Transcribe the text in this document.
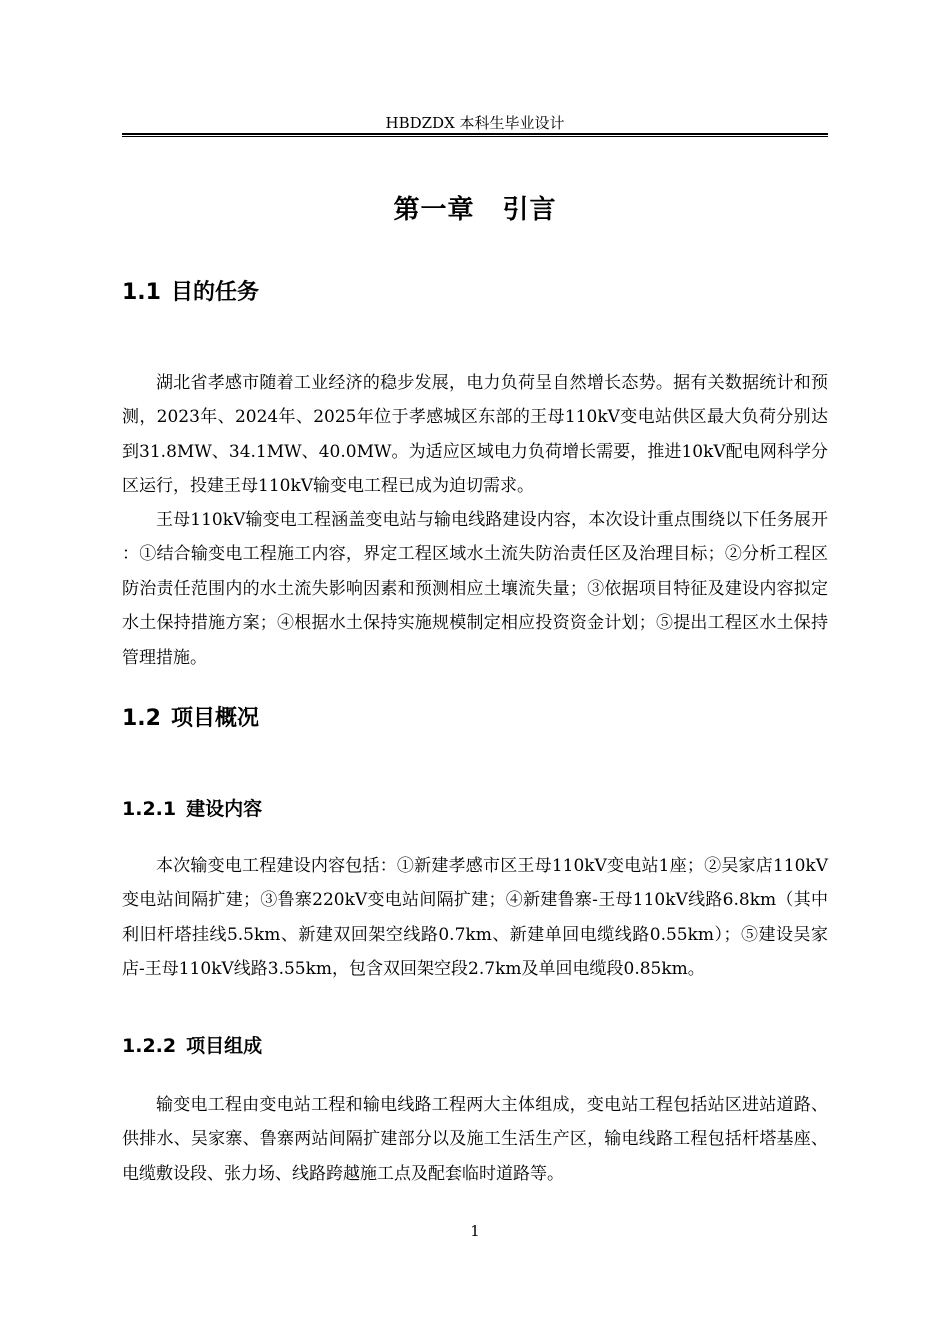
HBDZDX 本科生毕业设计
第一章 引言
1.1 目的任务

湖北省孝感市随着工业经济的稳步发展，电力负荷呈自然增长态势。据有关数据统计和预测，2023年、2024年、2025年位于孝感城区东部的王母110kV变电站供区最大负荷分别达到31.8MW、34.1MW、40.0MW。为适应区域电力负荷增长需要，推进10kV配电网科学分区运行，投建王母110kV输变电工程已成为迫切需求。

王母110kV输变电工程涵盖变电站与输电线路建设内容，本次设计重点围绕以下任务展开：①结合输变电工程施工内容，界定工程区域水土流失防治责任区及治理目标；②分析工程区防治责任范围内的水土流失影响因素和预测相应土壤流失量；③依据项目特征及建设内容拟定水土保持措施方案；④根据水土保持实施规模制定相应投资资金计划；⑤提出工程区水土保持管理措施。

1.2 项目概况
1.2.1 建设内容

本次输变电工程建设内容包括：①新建孝感市区王母110kV变电站1座；②吴家店110kV变电站间隔扩建；③鲁寨220kV变电站间隔扩建；④新建鲁寨-王母110kV线路6.8km（其中利旧杆塔挂线5.5km、新建双回架空线路0.7km、新建单回电缆线路0.55km）；⑤建设吴家店-王母110kV线路3.55km，包含双回架空段2.7km及单回电缆段0.85km。

1.2.2 项目组成

输变电工程由变电站工程和输电线路工程两大主体组成，变电站工程包括站区进站道路、供排水、吴家寨、鲁寨两站间隔扩建部分以及施工生活生产区，输电线路工程包括杆塔基座、电缆敷设段、张力场、线路跨越施工点及配套临时道路等。

1
